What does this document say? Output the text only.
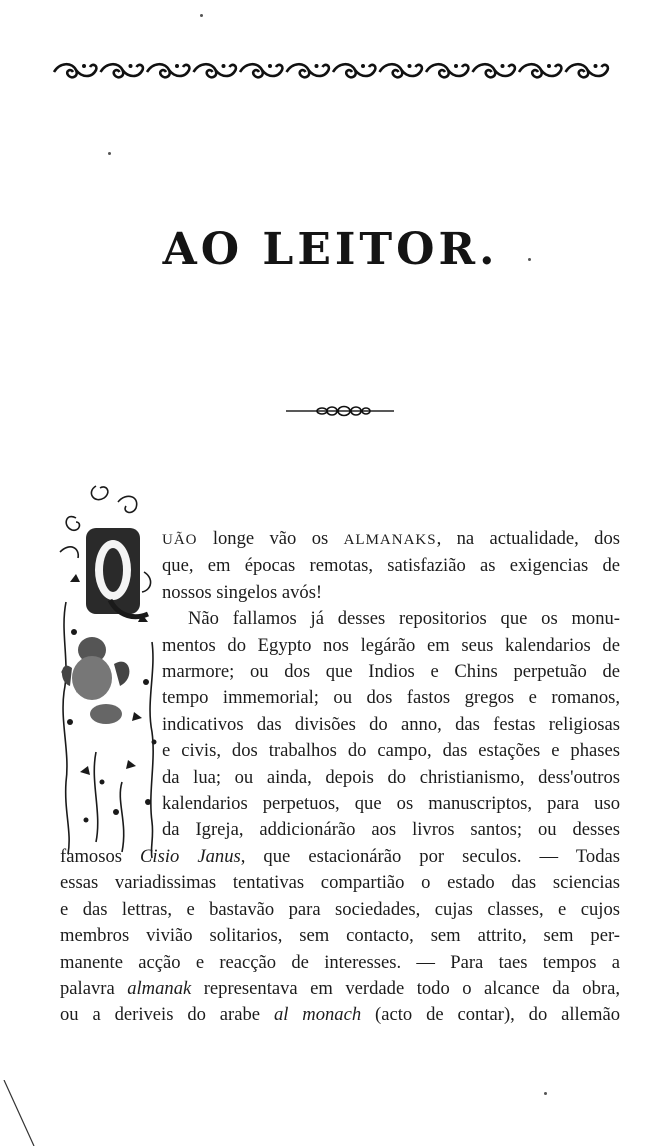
AO LEITOR.
UÃO longe vão os ALMANAKS, na actualidade, dos
que, em épocas remotas, satisfazião as exigencias de
nossos singelos avós!
Não fallamos já desses repositorios que os monu-
mentos do Egypto nos legárão em seus kalendarios de
marmore; ou dos que Indios e Chins perpetuão de
tempo immemorial; ou dos fastos gregos e romanos,
indicativos das divisões do anno, das festas religiosas
e civis, dos trabalhos do campo, das estações e phases
da lua; ou ainda, depois do christianismo, dess'outros
kalendarios perpetuos, que os manuscriptos, para uso
da Igreja, addicionárão aos livros santos; ou desses
famosos Cisio Janus, que estacionárão por seculos. — Todas
essas variadissimas tentativas compartião o estado das sciencias
e das lettras, e bastavão para sociedades, cujas classes, e cujos
membros vivião solitarios, sem contacto, sem attrito, sem per-
manente acção e reacção de interesses. — Para taes tempos a
palavra almanak representava em verdade todo o alcance da obra,
ou a deriveis do arabe al monach (acto de contar), do allemão
